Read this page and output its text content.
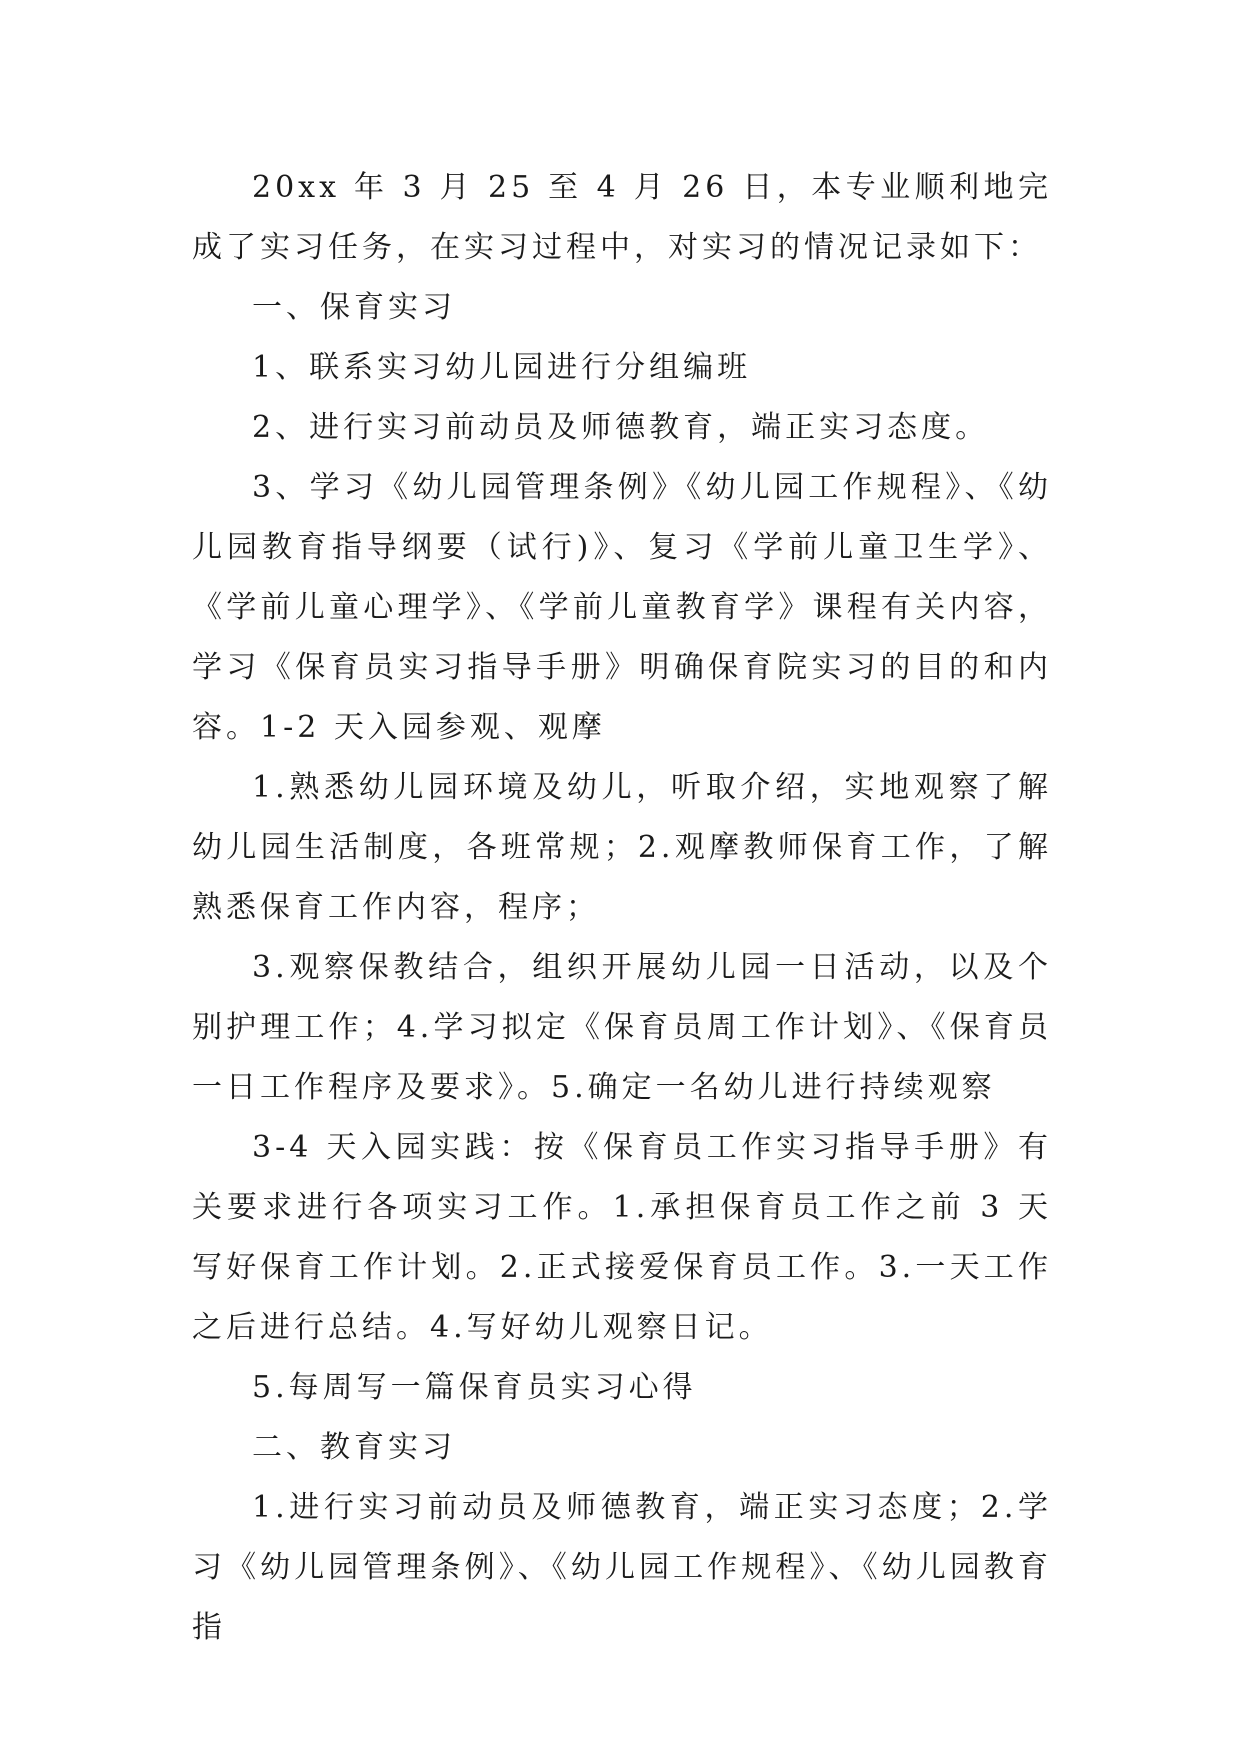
20xx 年 3 月 25 至 4 月 26 日，本专业顺利地完成了实习任务，在实习过程中，对实习的情况记录如下：

一、保育实习

1、联系实习幼儿园进行分组编班

2、进行实习前动员及师德教育，端正实习态度。

3、学习《幼儿园管理条例》《幼儿园工作规程》、《幼儿园教育指导纲要（试行)》、复习《学前儿童卫生学》、《学前儿童心理学》、《学前儿童教育学》课程有关内容，学习《保育员实习指导手册》明确保育院实习的目的和内容。1-2 天入园参观、观摩

1.熟悉幼儿园环境及幼儿，听取介绍，实地观察了解幼儿园生活制度，各班常规；2.观摩教师保育工作，了解熟悉保育工作内容，程序；

3.观察保教结合，组织开展幼儿园一日活动，以及个别护理工作；4.学习拟定《保育员周工作计划》、《保育员一日工作程序及要求》。5.确定一名幼儿进行持续观察

3-4 天入园实践：按《保育员工作实习指导手册》有关要求进行各项实习工作。1.承担保育员工作之前 3 天写好保育工作计划。2.正式接爱保育员工作。3.一天工作之后进行总结。4.写好幼儿观察日记。

5.每周写一篇保育员实习心得

二、教育实习

1.进行实习前动员及师德教育，端正实习态度；2.学习《幼儿园管理条例》、《幼儿园工作规程》、《幼儿园教育指
